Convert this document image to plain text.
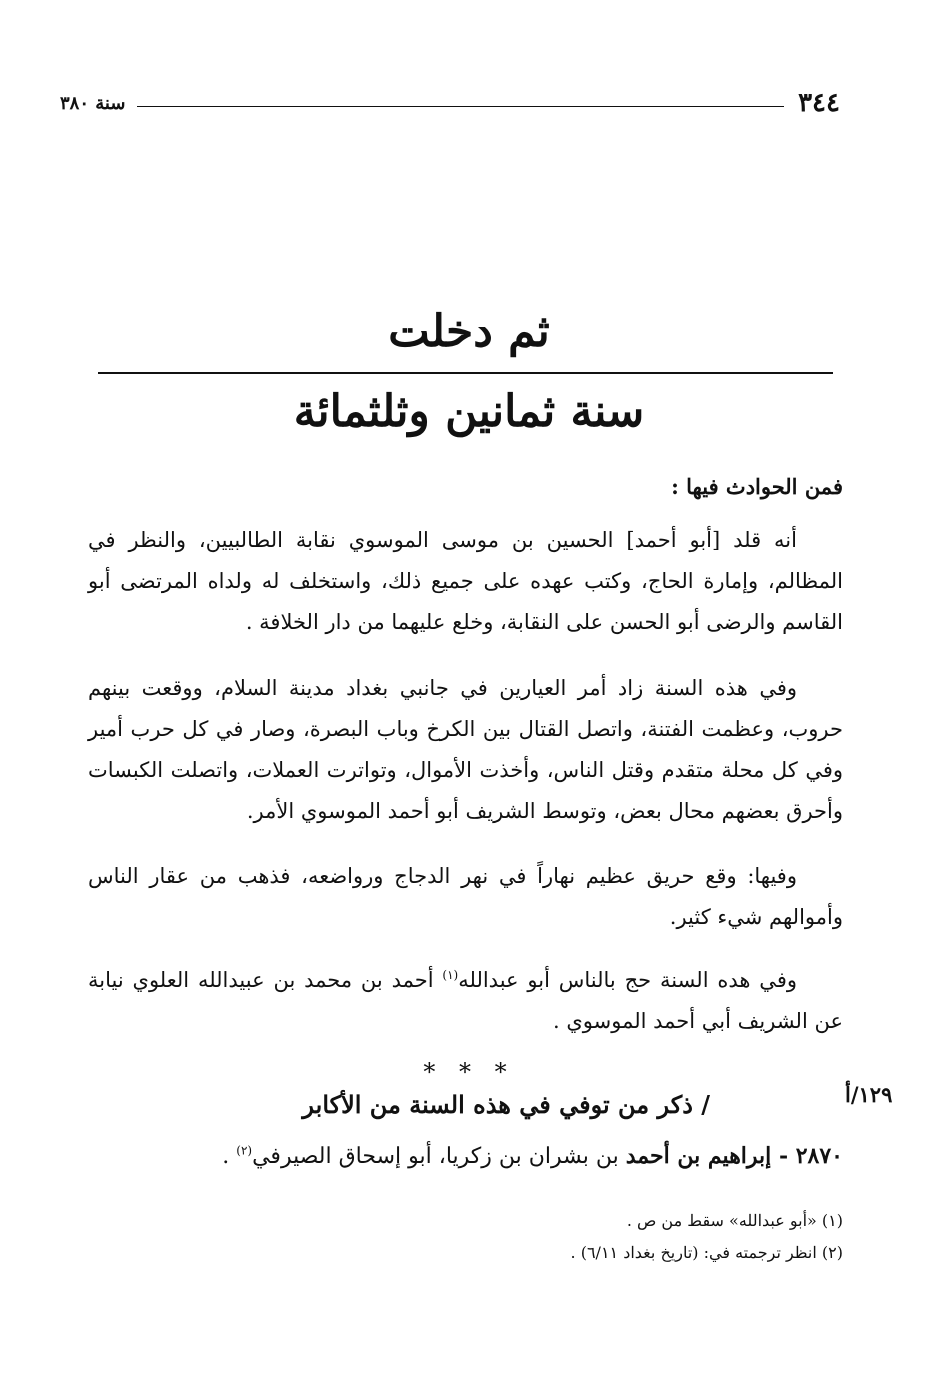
٣٤٤
سنة ٣٨٠
ثم دخلت
سنة ثمانين وثلثمائة
فمن الحوادث فيها :
أنه قلد [أبو أحمد] الحسين بن موسى الموسوي نقابة الطالبيين، والنظر في المظالم، وإمارة الحاج، وكتب عهده على جميع ذلك، واستخلف له ولداه المرتضى أبو القاسم والرضى أبو الحسن على النقابة، وخلع عليهما من دار الخلافة .
وفي هذه السنة زاد أمر العيارين في جانبي بغداد مدينة السلام، ووقعت بينهم حروب، وعظمت الفتنة، واتصل القتال بين الكرخ وباب البصرة، وصار في كل حرب أمير وفي كل محلة متقدم وقتل الناس، وأخذت الأموال، وتواترت العملات، واتصلت الكبسات وأحرق بعضهم محال بعض، وتوسط الشريف أبو أحمد الموسوي الأمر.
وفيها: وقع حريق عظيم نهاراً في نهر الدجاج ورواضعه، فذهب من عقار الناس وأموالهم شيء كثير.
وفي هده السنة حج بالناس أبو عبدالله$^{(١)}$ أحمد بن محمد بن عبيدالله العلوي نيابة عن الشريف أبي أحمد الموسوي .
* * *
١٢٩/أ
/ ذكر من توفي في هذه السنة من الأكابر
٢٨٧٠ - إبراهيم بن أحمد بن بشران بن زكريا، أبو إسحاق الصيرفي$^{(٢)}$ .
(١) «أبو عبدالله» سقط من ص .
(٢) انظر ترجمته في: (تاريخ بغداد ٦/١١) .
